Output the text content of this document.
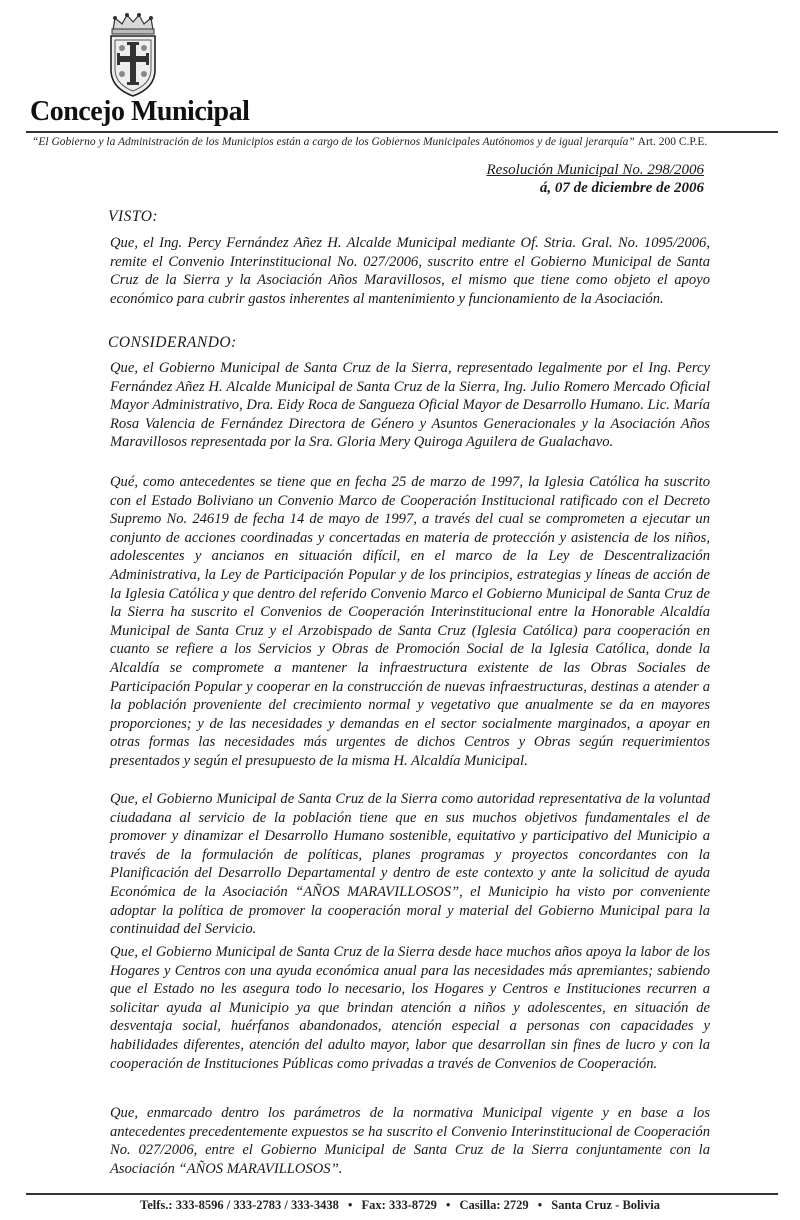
Concejo Municipal
“El Gobierno y la Administración de los Municipios están a cargo de los Gobiernos Municipales Autónomos y de igual jerarquía” Art. 200 C.P.E.
Resolución Municipal No. 298/2006
á, 07 de diciembre de 2006
VISTO:

Que, el Ing. Percy Fernández Añez H. Alcalde Municipal mediante Of. Stria. Gral. No. 1095/2006, remite el Convenio Interinstitucional No. 027/2006, suscrito entre el Gobierno Municipal de Santa Cruz de la Sierra y la Asociación Años Maravillosos, el mismo que tiene como objeto el apoyo económico para cubrir gastos inherentes al mantenimiento y funcionamiento de la Asociación.

CONSIDERANDO:

Que, el Gobierno Municipal de Santa Cruz de la Sierra, representado legalmente por el Ing. Percy Fernández Añez H. Alcalde Municipal de Santa Cruz de la Sierra, Ing. Julio Romero Mercado Oficial Mayor Administrativo, Dra. Eidy Roca de Sangueza Oficial Mayor de Desarrollo Humano. Lic. María Rosa Valencia de Fernández Directora de Género y Asuntos Generacionales y la Asociación Años Maravillosos representada por la Sra. Gloria Mery Quiroga Aguilera de Gualachavo.

Qué, como antecedentes se tiene que en fecha 25 de marzo de 1997, la Iglesia Católica ha suscrito con el Estado Boliviano un Convenio Marco de Cooperación Institucional ratificado con el Decreto Supremo No. 24619 de fecha 14 de mayo de 1997, a través del cual se comprometen a ejecutar un conjunto de acciones coordinadas y concertadas en materia de protección y asistencia de los niños, adolescentes y ancianos en situación difícil, en el marco de la Ley de Descentralización Administrativa, la Ley de Participación Popular y de los principios, estrategias y líneas de acción de la Iglesia Católica y que dentro del referido Convenio Marco el Gobierno Municipal de Santa Cruz de la Sierra ha suscrito el Convenios de Cooperación Interinstitucional entre la Honorable Alcaldía Municipal de Santa Cruz y el Arzobispado de Santa Cruz (Iglesia Católica) para cooperación en cuanto se refiere a los Servicios y Obras de Promoción Social de la Iglesia Católica, donde la Alcaldía se compromete a mantener la infraestructura existente de las Obras Sociales de Participación Popular y cooperar en la construcción de nuevas infraestructuras, destinas a atender a la población proveniente del crecimiento normal y vegetativo que anualmente se da en mayores proporciones; y de las necesidades y demandas en el sector socialmente marginados, a apoyar en otras formas las necesidades más urgentes de dichos Centros y Obras según requerimientos presentados y según el presupuesto de la misma H. Alcaldía Municipal.

Que, el Gobierno Municipal de Santa Cruz de la Sierra como autoridad representativa de la voluntad ciudadana al servicio de la población tiene que en sus muchos objetivos fundamentales el de promover y dinamizar el Desarrollo Humano sostenible, equitativo y participativo del Municipio a través de la formulación de políticas, planes programas y proyectos concordantes con la Planificación del Desarrollo Departamental y dentro de este contexto y ante la solicitud de ayuda Económica de la Asociación “AÑOS MARAVILLOSOS”, el Municipio ha visto por conveniente adoptar la política de promover la cooperación moral y material del Gobierno Municipal para la continuidad del Servicio.

Que, el Gobierno Municipal de Santa Cruz de la Sierra desde hace muchos años apoya la labor de los Hogares y Centros con una ayuda económica anual para las necesidades más apremiantes; sabiendo que el Estado no les asegura todo lo necesario, los Hogares y Centros e Instituciones recurren a solicitar ayuda al Municipio ya que brindan atención a niños y adolescentes, en situación de desventaja social, huérfanos abandonados, atención especial a personas con capacidades y habilidades diferentes, atención del adulto mayor, labor que desarrollan sin fines de lucro y con la cooperación de Instituciones Públicas como privadas a través de Convenios de Cooperación.

Que, enmarcado dentro los parámetros de la normativa Municipal vigente y en base a los antecedentes precedentemente expuestos se ha suscrito el Convenio Interinstitucional de Cooperación No. 027/2006, entre el Gobierno Municipal de Santa Cruz de la Sierra conjuntamente con la Asociación “AÑOS MARAVILLOSOS”.

Telfs.: 333-8596 / 333-2783 / 333-3438 • Fax: 333-8729 • Casilla: 2729 • Santa Cruz - Bolivia
